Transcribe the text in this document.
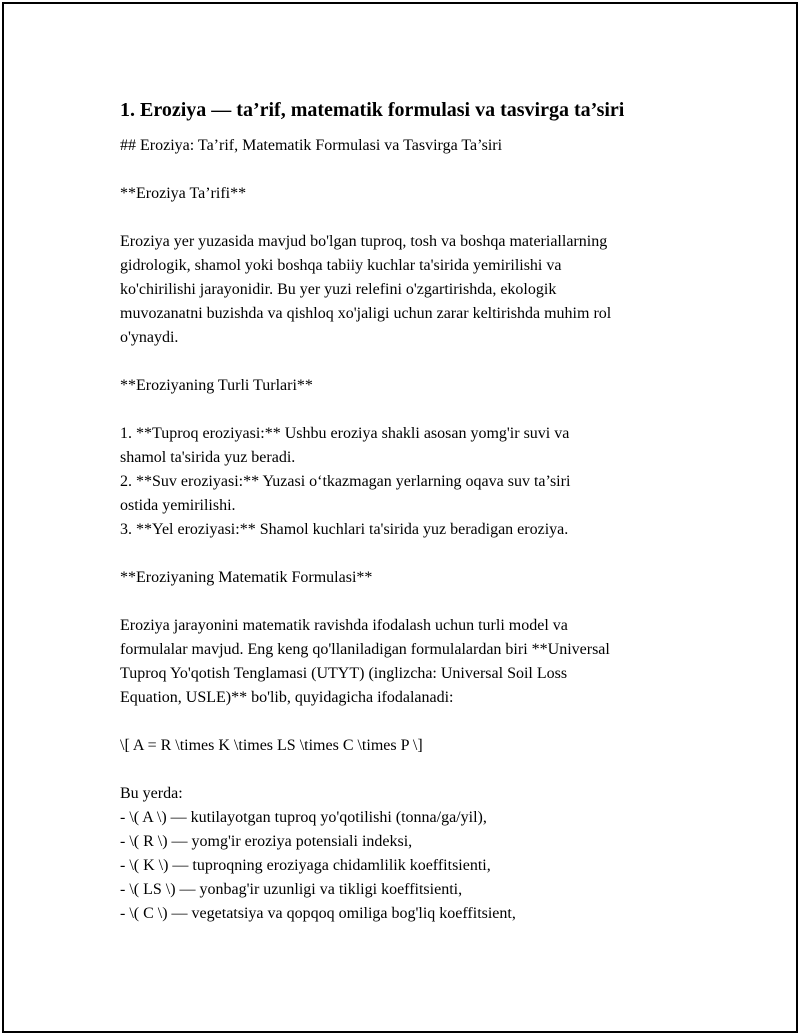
1. Eroziya — ta’rif, matematik formulasi va tasvirga ta’siri
## Eroziya: Ta’rif, Matematik Formulasi va Tasvirga Ta’siri
**Eroziya Ta’rifi**
Eroziya yer yuzasida mavjud bo'lgan tuproq, tosh va boshqa materiallarning
gidrologik, shamol yoki boshqa tabiiy kuchlar ta'sirida yemirilishi va
ko'chirilishi jarayonidir. Bu yer yuzi relefini o'zgartirishda, ekologik
muvozanatni buzishda va qishloq xo'jaligi uchun zarar keltirishda muhim rol
o'ynaydi.
**Eroziyaning Turli Turlari**
1. **Tuproq eroziyasi:** Ushbu eroziya shakli asosan yomg'ir suvi va
shamol ta'sirida yuz beradi.
2. **Suv eroziyasi:** Yuzasi o‘tkazmagan yerlarning oqava suv ta’siri
ostida yemirilishi.
3. **Yel eroziyasi:** Shamol kuchlari ta'sirida yuz beradigan eroziya.
**Eroziyaning Matematik Formulasi**
Eroziya jarayonini matematik ravishda ifodalash uchun turli model va
formulalar mavjud. Eng keng qo'llaniladigan formulalardan biri **Universal
Tuproq Yo'qotish Tenglamasi (UTYT) (inglizcha: Universal Soil Loss
Equation, USLE)** bo'lib, quyidagicha ifodalanadi:
\[ A = R \times K \times LS \times C \times P \]
Bu yerda:
- \( A \) — kutilayotgan tuproq yo'qotilishi (tonna/ga/yil),
- \( R \) — yomg'ir eroziya potensiali indeksi,
- \( K \) — tuproqning eroziyaga chidamlilik koeffitsienti,
- \( LS \) — yonbag'ir uzunligi va tikligi koeffitsienti,
- \( C \) — vegetatsiya va qopqoq omiliga bog'liq koeffitsient,
